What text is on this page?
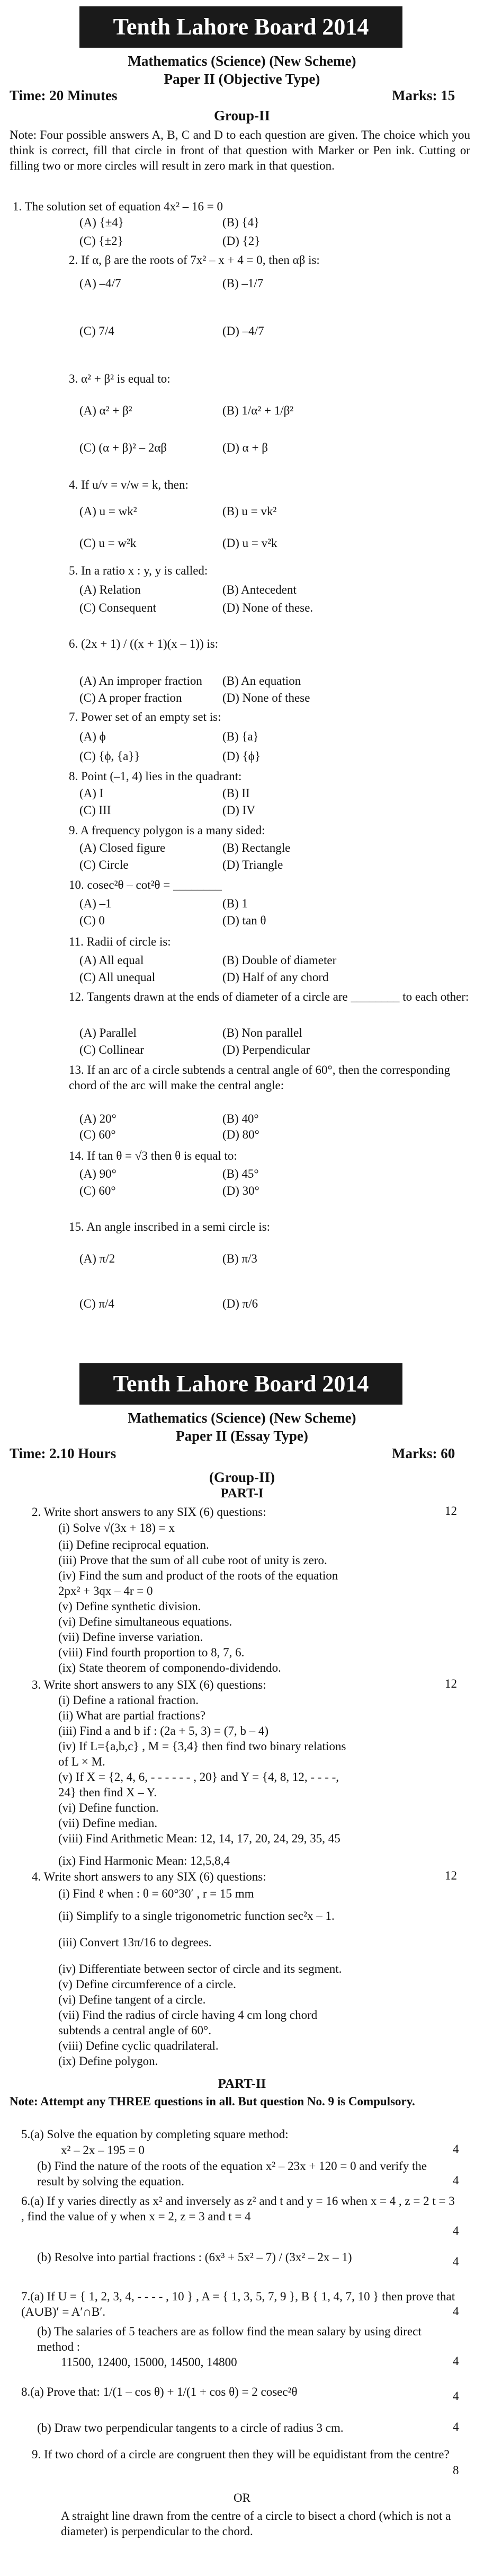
Tenth Lahore Board 2014
Mathematics (Science) (New Scheme)
Paper II (Objective Type)
Time: 20 Minutes	Marks: 15
Group-II
Note: Four possible answers A, B, C and D to each question are given. The choice which you think is correct, fill that circle in front of that question with Marker or Pen ink. Cutting or filling two or more circles will result in zero mark in that question.
1. The solution set of equation 4x² – 16 = 0
(A) {±4}	(B) {4}
(C) {±2}	(D) {2}
2. If α, β are the roots of 7x² – x + 4 = 0, then αβ is:
(A) –4/7	(B) –1/7
(C) 7/4	(D) –4/7
3. α² + β² is equal to:
(A) α² + β²	(B) 1/α² + 1/β²
(C) (α + β)² – 2αβ	(D) α + β
4. If u/v = v/w = k, then:
(A) u = wk²	(B) u = vk²
(C) u = w²k	(D) u = v²k
5. In a ratio x : y, y is called:
(A) Relation	(B) Antecedent
(C) Consequent	(D) None of these.
6. (2x + 1) / ((x + 1)(x – 1)) is:
(A) An improper fraction (B) An equation
(C) A proper fraction	(D) None of these
7. Power set of an empty set is:
(A) ϕ	(B) {a}
(C) {ϕ, {a}}	(D) {ϕ}
8. Point (–1, 4) lies in the quadrant:
(A) I	(B) II
(C) III	(D) IV
9. A frequency polygon is a many sided:
(A) Closed figure	(B) Rectangle
(C) Circle	(D) Triangle
10. cosec²θ – cot²θ = ________
(A) –1	(B) 1
(C) 0	(D) tan θ
11. Radii of circle is:
(A) All equal	(B) Double of diameter
(C) All unequal	(D) Half of any chord
12. Tangents drawn at the ends of diameter of a circle are ________ to each other:
(A) Parallel	(B) Non parallel
(C) Collinear	(D) Perpendicular
13. If an arc of a circle subtends a central angle of 60°, then the corresponding chord of the arc will make the central angle:
(A) 20°	(B) 40°
(C) 60°	(D) 80°
14. If tan θ = √3 then θ is equal to:
(A) 90°	(B) 45°
(C) 60°	(D) 30°
15. An angle inscribed in a semi circle is:
(A) π/2	(B) π/3
(C) π/4	(D) π/6
Tenth Lahore Board 2014
Mathematics (Science) (New Scheme)
Paper II (Essay Type)
Time: 2.10 Hours	Marks: 60
(Group-II)
PART-I
2. Write short answers to any SIX (6) questions:	12
(i) Solve √(3x + 18) = x
(ii) Define reciprocal equation.
(iii) Prove that the sum of all cube root of unity is zero.
(iv) Find the sum and product of the roots of the equation
2px² + 3qx – 4r = 0
(v) Define synthetic division.
(vi) Define simultaneous equations.
(vii) Define inverse variation.
(viii) Find fourth proportion to 8, 7, 6.
(ix) State theorem of componendo-dividendo.
3. Write short answers to any SIX (6) questions:	12
(i) Define a rational fraction.
(ii) What are partial fractions?
(iii) Find a and b if : (2a + 5, 3) = (7, b – 4)
(iv) If L={a,b,c} , M = {3,4} then find two binary relations
of L × M.
(v) If X = {2, 4, 6, - - - - - - , 20} and Y = {4, 8, 12, - - - -,
24} then find X – Y.
(vi) Define function.
(vii) Define median.
(viii) Find Arithmetic Mean: 12, 14, 17, 20, 24, 29, 35, 45
(ix) Find Harmonic Mean: 12,5,8,4
4. Write short answers to any SIX (6) questions:	12
(i) Find ℓ when : θ = 60°30′ , r = 15 mm
(ii) Simplify to a single trigonometric function sec²x – 1.
(iii) Convert 13π/16 to degrees.
(iv) Differentiate between sector of circle and its segment.
(v) Define circumference of a circle.
(vi) Define tangent of a circle.
(vii) Find the radius of circle having 4 cm long chord
subtends a central angle of 60°.
(viii) Define cyclic quadrilateral.
(ix) Define polygon.
PART-II
Note: Attempt any THREE questions in all. But question No. 9 is Compulsory.
5.(a) Solve the equation by completing square method:
x² – 2x – 195 = 0	4
(b) Find the nature of the roots of the equation x² – 23x + 120 = 0 and verify the result by solving the equation.	4
6.(a) If y varies directly as x² and inversely as z² and t and y = 16 when x = 4 , z = 2 t = 3 , find the value of y when x = 2, z = 3 and t = 4
4
(b) Resolve into partial fractions : (6x³ + 5x² – 7) / (3x² – 2x – 1)	4
7.(a) If U = { 1, 2, 3, 4, - - - - , 10 } , A = { 1, 3, 5, 7, 9 }, B { 1, 4, 7, 10 } then prove that (A∪B)′ = A′∩B′.	4
(b) The salaries of 5 teachers are as follow find the mean salary by using direct method :
11500, 12400, 15000, 14500, 14800	4
8.(a) Prove that: 1/(1 – cos θ) + 1/(1 + cos θ) = 2 cosec²θ	4
(b) Draw two perpendicular tangents to a circle of radius 3 cm.	4
9. If two chord of a circle are congruent then they will be equidistant from the centre?
8
OR
A straight line drawn from the centre of a circle to bisect a chord (which is not a diameter) is perpendicular to the chord.
